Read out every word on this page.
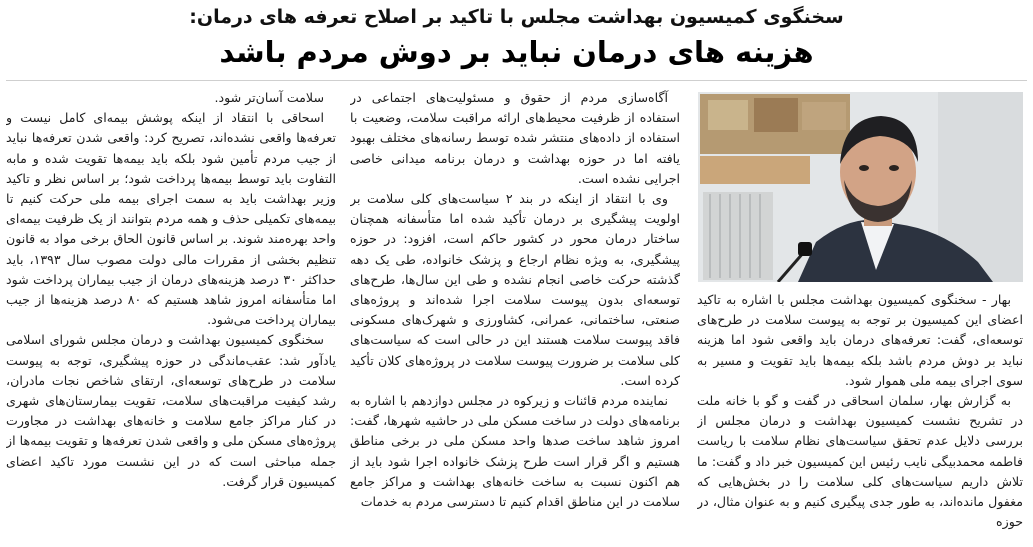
سخنگوی کمیسیون بهداشت مجلس با تاکید بر اصلاح تعرفه های درمان:
هزینه های درمان نباید بر دوش مردم باشد

بهار - سخنگوی کمیسیون بهداشت مجلس با اشاره به تاکید اعضای این کمیسیون بر توجه به پیوست سلامت در طرح‌های توسعه‌ای، گفت: تعرفه‌های درمان باید واقعی شود اما هزینه نباید بر دوش مردم باشد بلکه بیمه‌ها باید تقویت و مسیر به سوی اجرای بیمه ملی هموار شود.

به گزارش بهار، سلمان اسحاقی در گفت و گو با خانه ملت در تشریح نشست کمیسیون بهداشت و درمان مجلس از بررسی دلایل عدم تحقق سیاست‌های نظام سلامت با ریاست فاطمه محمدبیگی نایب رئیس این کمیسیون خبر داد و گفت: ما تلاش داریم سیاست‌های کلی سلامت را در بخش‌هایی که مغفول مانده‌اند، به طور جدی پیگیری کنیم و به عنوان مثال، در حوزه

آگاه‌سازی مردم از حقوق و مسئولیت‌های اجتماعی در استفاده از ظرفیت محیط‌های ارائه مراقبت سلامت، وضعیت با استفاده از داده‌های منتشر شده توسط رسانه‌های مختلف بهبود یافته اما در حوزه بهداشت و درمان برنامه میدانی خاصی اجرایی نشده است.

وی با انتقاد از اینکه در بند ۲ سیاست‌های کلی سلامت بر اولویت پیشگیری بر درمان تأکید شده اما متأسفانه همچنان ساختار درمان محور در کشور حاکم است، افزود: در حوزه پیشگیری، به ویژه نظام ارجاع و پزشک خانواده، طی یک دهه گذشته حرکت خاصی انجام نشده و طی این سال‌ها، طرح‌های توسعه‌ای بدون پیوست سلامت اجرا شده‌اند و پروژه‌های صنعتی، ساختمانی، عمرانی، کشاورزی و شهرک‌های مسکونی فاقد پیوست سلامت هستند این در حالی است که سیاست‌های کلی سلامت بر ضرورت پیوست سلامت در پروژه‌های کلان تأکید کرده است.

نماینده مردم قائنات و زیرکوه در مجلس دوازدهم با اشاره به برنامه‌های دولت در ساخت مسکن ملی در حاشیه شهرها، گفت: امروز شاهد ساخت صدها واحد مسکن ملی در برخی مناطق هستیم و اگر قرار است طرح پزشک خانواده اجرا شود باید از هم اکنون نسبت به ساخت خانه‌های بهداشت و مراکز جامع سلامت در این مناطق اقدام کنیم تا دسترسی مردم به خدمات

سلامت آسان‌تر شود.

اسحاقی با انتقاد از اینکه پوشش بیمه‌ای کامل نیست و تعرفه‌ها واقعی نشده‌اند، تصریح کرد: واقعی شدن تعرفه‌ها نباید از جیب مردم تأمین شود بلکه باید بیمه‌ها تقویت شده و مابه التفاوت باید توسط بیمه‌ها پرداخت شود؛ بر اساس نظر و تاکید وزیر بهداشت باید به سمت اجرای بیمه ملی حرکت کنیم تا بیمه‌های تکمیلی حذف و همه مردم بتوانند از یک ظرفیت بیمه‌ای واحد بهره‌مند شوند. بر اساس قانون الحاق برخی مواد به قانون تنظیم بخشی از مقررات مالی دولت مصوب سال ۱۳۹۳، باید حداکثر ۳۰ درصد هزینه‌های درمان از جیب بیماران پرداخت شود اما متأسفانه امروز شاهد هستیم که ۸۰ درصد هزینه‌ها از جیب بیماران پرداخت می‌شود.

سخنگوی کمیسیون بهداشت و درمان مجلس شورای اسلامی یادآور شد: عقب‌ماندگی در حوزه پیشگیری، توجه به پیوست سلامت در طرح‌های توسعه‌ای، ارتقای شاخص نجات مادران، رشد کیفیت مراقبت‌های سلامت، تقویت بیمارستان‌های شهری در کنار مراکز جامع سلامت و خانه‌های بهداشت در مجاورت پروژه‌های مسکن ملی و واقعی شدن تعرفه‌ها و تقویت بیمه‌ها از جمله مباحثی است که در این نشست مورد تاکید اعضای کمیسیون قرار گرفت.
